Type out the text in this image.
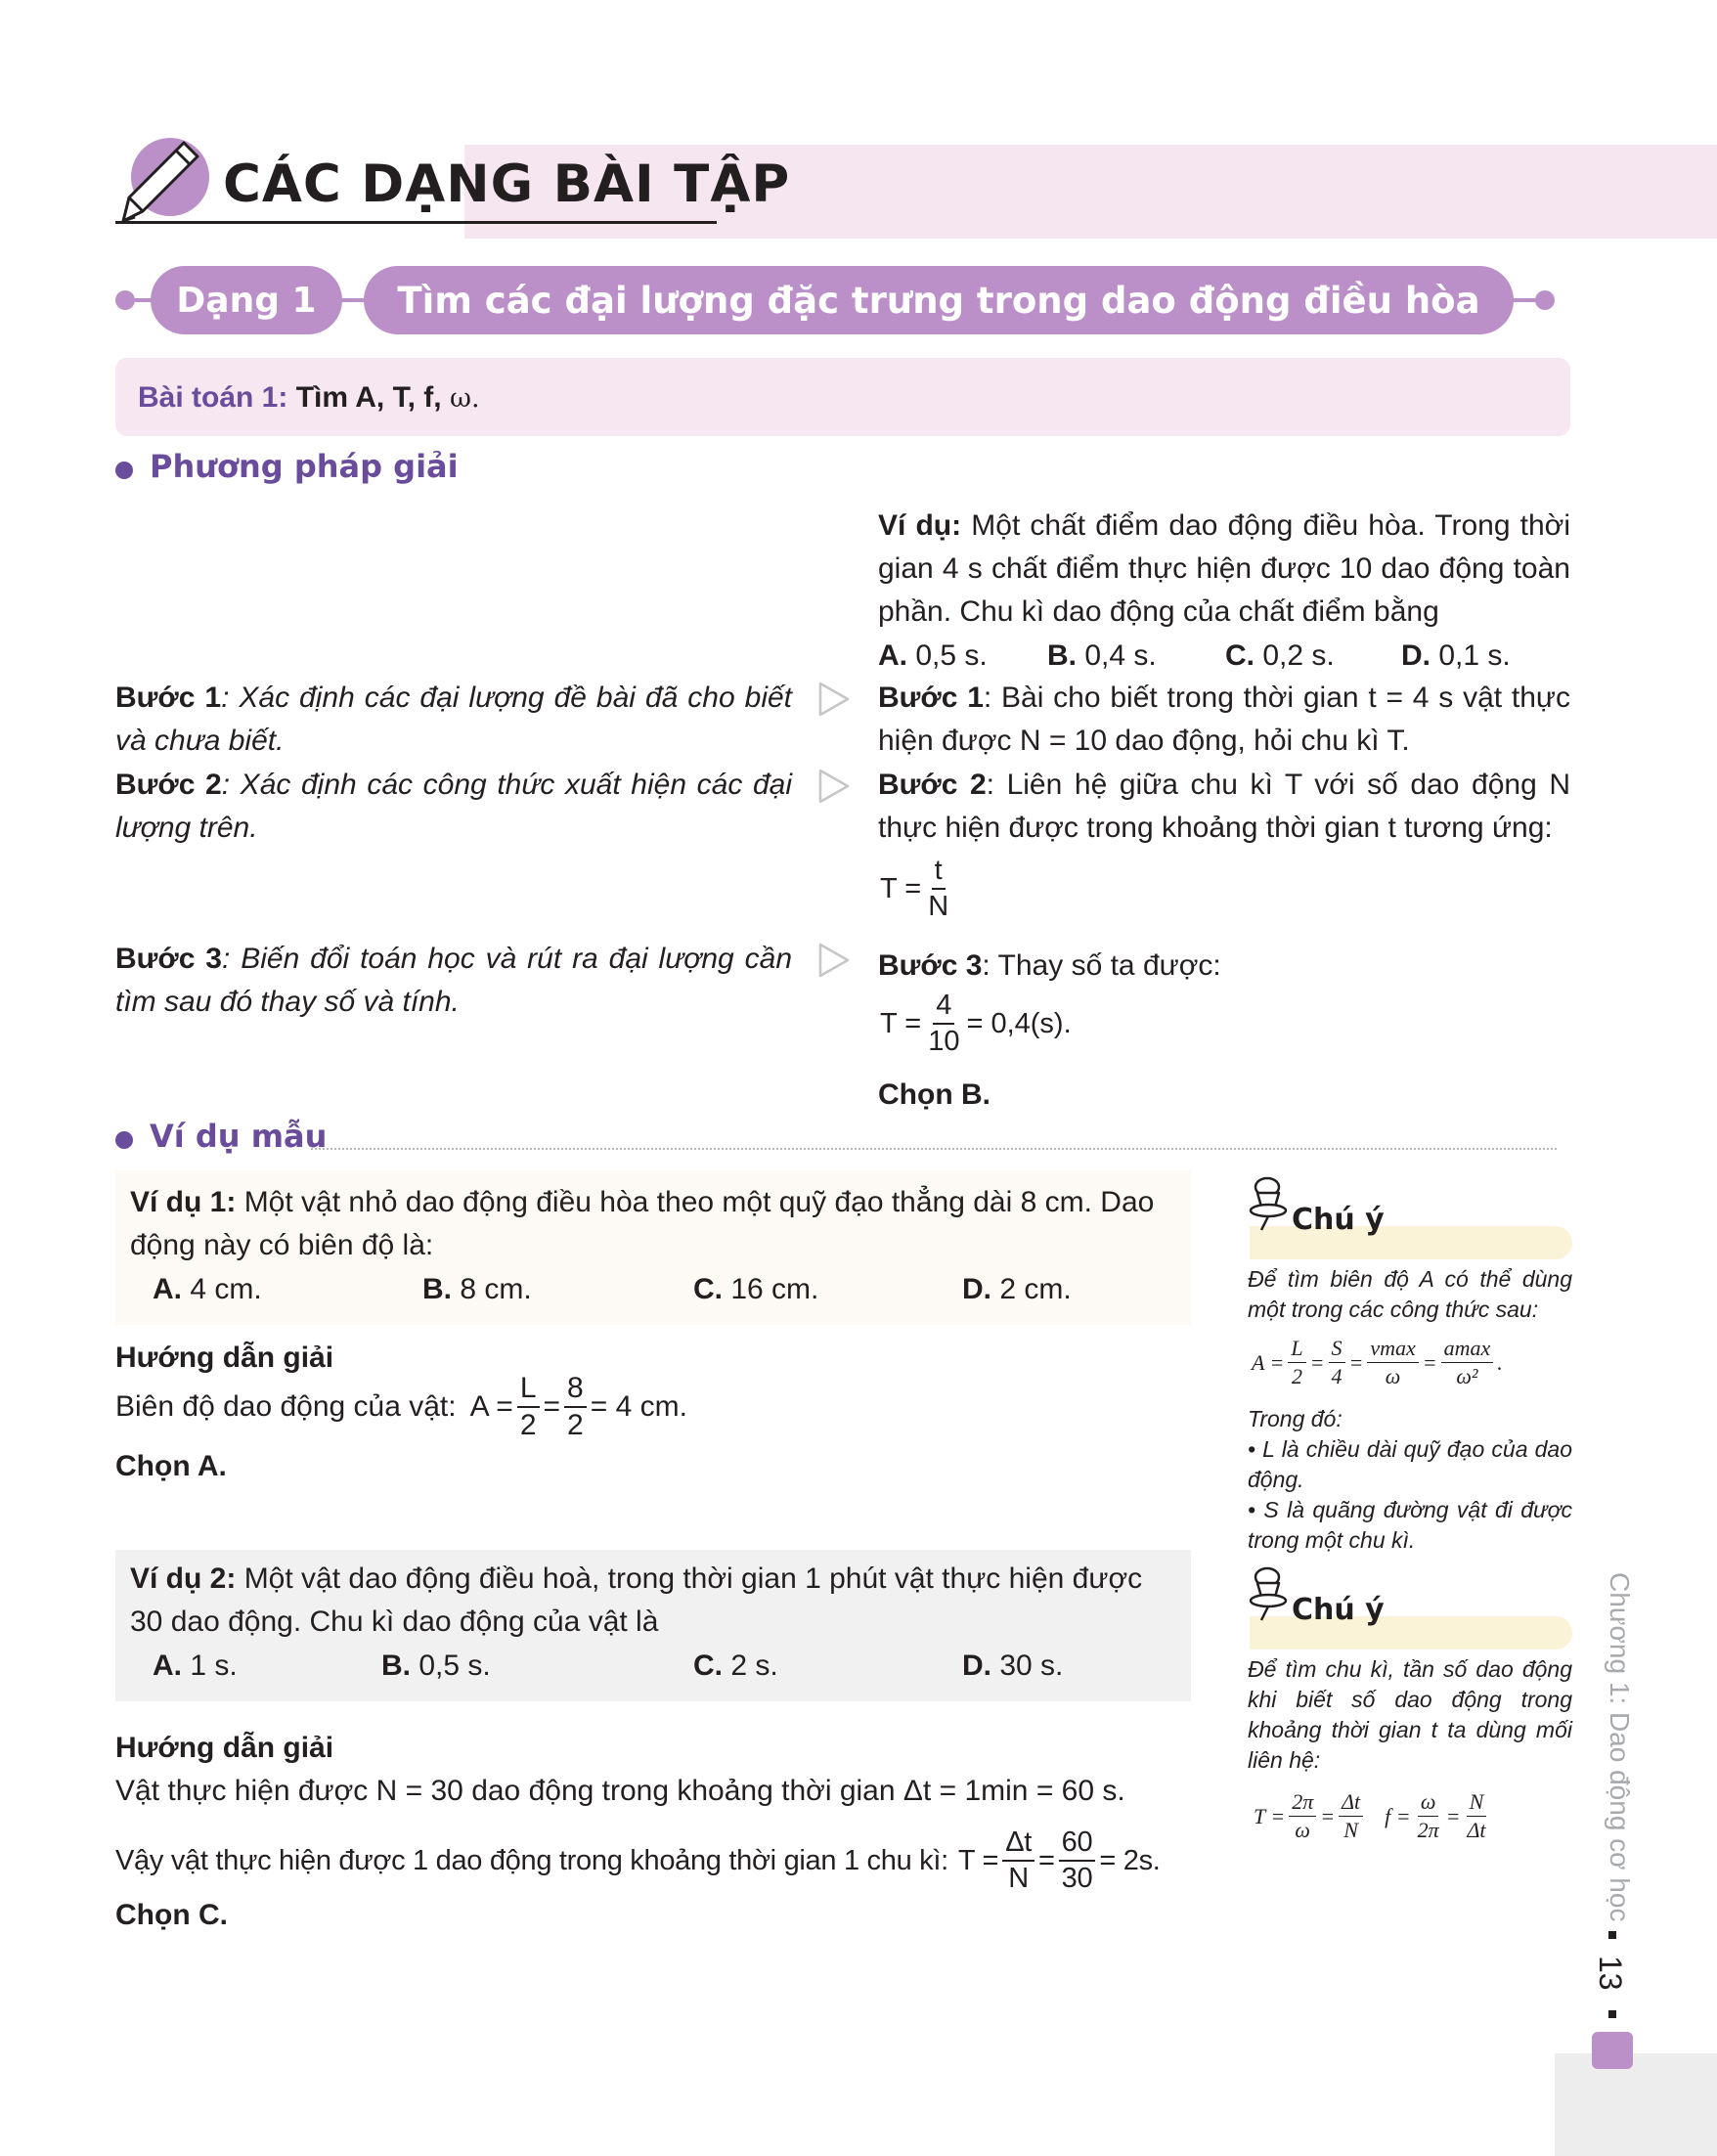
CÁC DẠNG BÀI TẬP
Dạng 1	Tìm các đại lượng đặc trưng trong dao động điều hòa
Bài toán 1: Tìm A, T, f, ω.
Phương pháp giải
Bước 1: Xác định các đại lượng đề bài đã cho biết và chưa biết.
Bước 2: Xác định các công thức xuất hiện các đại lượng trên.
Bước 3: Biến đổi toán học và rút ra đại lượng cần tìm sau đó thay số và tính.
Ví dụ: Một chất điểm dao động điều hòa. Trong thời gian 4 s chất điểm thực hiện được 10 dao động toàn phần. Chu kì dao động của chất điểm bằng
A. 0,5 s. B. 0,4 s. C. 0,2 s. D. 0,1 s.
Bước 1: Bài cho biết trong thời gian t = 4 s vật thực hiện được N = 10 dao động, hỏi chu kì T.
Bước 2: Liên hệ giữa chu kì T với số dao động N thực hiện được trong khoảng thời gian t tương ứng:
$T = \frac{t}{N}$
Bước 3: Thay số ta được:
$T = \frac{4}{10} = 0,4(s)$.
Chọn B.
Ví dụ mẫu
Ví dụ 1: Một vật nhỏ dao động điều hòa theo một quỹ đạo thẳng dài 8 cm. Dao động này có biên độ là:
A. 4 cm.	B. 8 cm.	C. 16 cm.	D. 2 cm.
Hướng dẫn giải
Biên độ dao động của vật: $A = \frac{L}{2} = \frac{8}{2} = 4$ cm.
Chọn A.
Ví dụ 2: Một vật dao động điều hoà, trong thời gian 1 phút vật thực hiện được 30 dao động. Chu kì dao động của vật là
A. 1 s.	B. 0,5 s.	C. 2 s.	D. 30 s.
Hướng dẫn giải
Vật thực hiện được N = 30 dao động trong khoảng thời gian Δt = 1min = 60 s.
Vậy vật thực hiện được 1 dao động trong khoảng thời gian 1 chu kì: $T = \frac{\Delta t}{N} = \frac{60}{30} = 2s$.
Chọn C.
Chú ý
Để tìm biên độ A có thể dùng một trong các công thức sau:
$A = \frac{L}{2} = \frac{S}{4} = \frac{vmax}{\omega} = \frac{amax}{\text{ω²}}$ .
Trong đó:
• L là chiều dài quỹ đạo của dao động.
• S là quãng đường vật đi được trong một chu kì.
Chú ý
Để tìm chu kì, tần số dao động khi biết số dao động trong khoảng thời gian t ta dùng mối liên hệ:
$T = \frac{2\pi}{\omega} = \frac{\Delta t}{N}$ $f = \frac{\omega}{2\pi} = \frac{N}{\Delta t}$	Chương 1: Dao động cơ học
13
